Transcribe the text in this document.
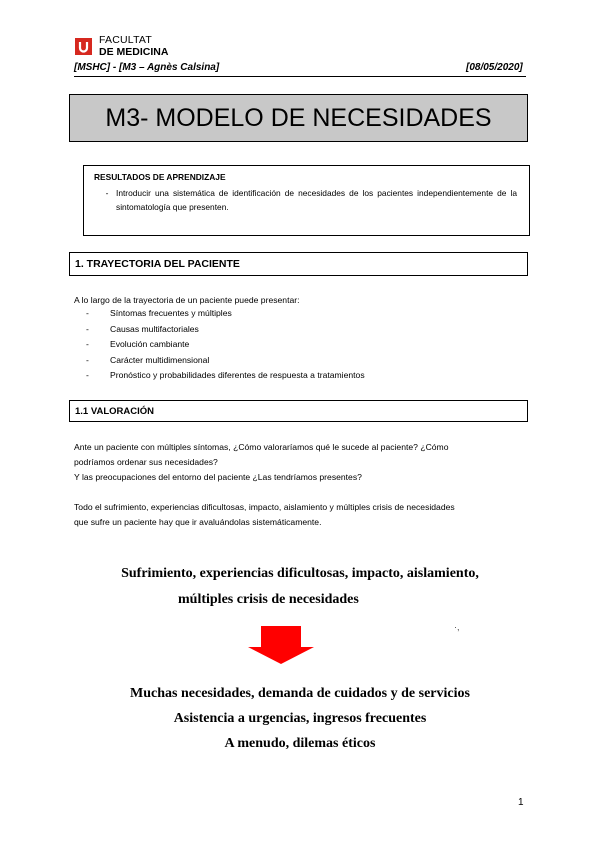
FACULTAT
DE MEDICINA
[MSHC] - [M3 – Agnès Calsina]	[08/05/2020]
M3- MODELO DE NECESIDADES
RESULTADOS DE APRENDIZAJE
- Introducir una sistemática de identificación de necesidades de los pacientes independientemente de la sintomatología que presenten.
1. TRAYECTORIA DEL PACIENTE
A lo largo de la trayectoria de un paciente puede presentar:
-	Síntomas frecuentes y múltiples
-	Causas multifactoriales
-	Evolución cambiante
-	Carácter multidimensional
-	Pronóstico y probabilidades diferentes de respuesta a tratamientos
1.1 VALORACIÓN
Ante un paciente con múltiples síntomas, ¿Cómo valoraríamos qué le sucede al paciente? ¿Cómo
podríamos ordenar sus necesidades?
Y las preocupaciones del entorno del paciente ¿Las tendríamos presentes?
Todo el sufrimiento, experiencias dificultosas, impacto, aislamiento y múltiples crisis de necesidades
que sufre un paciente hay que ir avaluándolas sistemáticamente.
Sufrimiento, experiencias dificultosas, impacto, aislamiento,
múltiples crisis de necesidades
·,
Muchas necesidades, demanda de cuidados y de servicios
Asistencia a urgencias, ingresos frecuentes
A menudo, dilemas éticos
1
